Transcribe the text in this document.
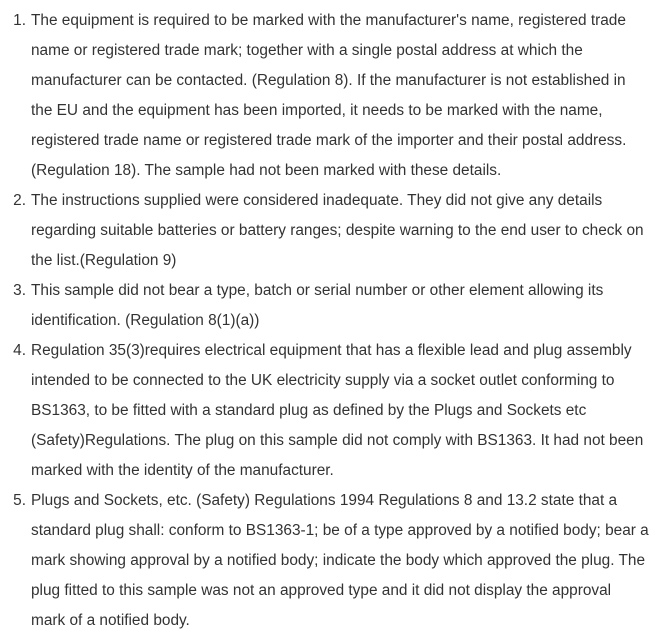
1. The equipment is required to be marked with the manufacturer's name, registered trade name or registered trade mark; together with a single postal address at which the manufacturer can be contacted. (Regulation 8). If the manufacturer is not established in the EU and the equipment has been imported, it needs to be marked with the name, registered trade name or registered trade mark of the importer and their postal address. (Regulation 18). The sample had not been marked with these details.
2. The instructions supplied were considered inadequate. They did not give any details regarding suitable batteries or battery ranges; despite warning to the end user to check on the list.(Regulation 9)
3. This sample did not bear a type, batch or serial number or other element allowing its identification. (Regulation 8(1)(a))
4. Regulation 35(3)requires electrical equipment that has a flexible lead and plug assembly intended to be connected to the UK electricity supply via a socket outlet conforming to BS1363, to be fitted with a standard plug as defined by the Plugs and Sockets etc (Safety)Regulations. The plug on this sample did not comply with BS1363. It had not been marked with the identity of the manufacturer.
5. Plugs and Sockets, etc. (Safety) Regulations 1994 Regulations 8 and 13.2 state that a standard plug shall: conform to BS1363-1; be of a type approved by a notified body; bear a mark showing approval by a notified body; indicate the body which approved the plug. The plug fitted to this sample was not an approved type and it did not display the approval mark of a notified body.
